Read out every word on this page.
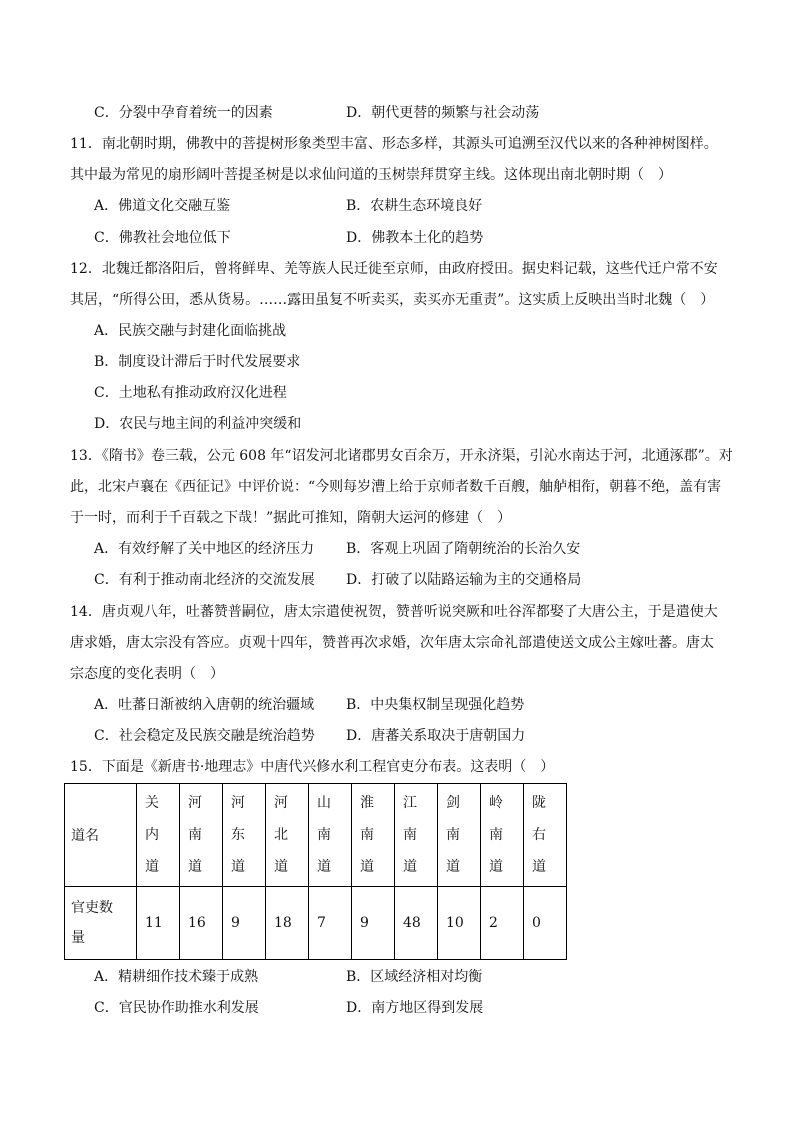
C．分裂中孕育着统一的因素	D．朝代更替的频繁与社会动荡
11．南北朝时期，佛教中的菩提树形象类型丰富、形态多样，其源头可追溯至汉代以来的各种神树图样。
其中最为常见的扇形阔叶菩提圣树是以求仙问道的玉树崇拜贯穿主线。这体现出南北朝时期（　）
A．佛道文化交融互鉴	B．农耕生态环境良好
C．佛教社会地位低下	D．佛教本土化的趋势
12．北魏迁都洛阳后，曾将鲜卑、羌等族人民迁徙至京师，由政府授田。据史料记载，这些代迁户常不安
其居，“所得公田，悉从货易。……露田虽复不听卖买，卖买亦无重责”。这实质上反映出当时北魏（　）
A．民族交融与封建化面临挑战
B．制度设计滞后于时代发展要求
C．土地私有推动政府汉化进程
D．农民与地主间的利益冲突缓和
13．《隋书》卷三载，公元 608 年“诏发河北诸郡男女百余万，开永济渠，引沁水南达于河，北通涿郡”。对
此，北宋卢襄在《西征记》中评价说：“今则每岁漕上给于京师者数千百艘，舳舻相衔，朝暮不绝，盖有害
于一时，而利于千百载之下哉！”据此可推知，隋朝大运河的修建（　）
A．有效纾解了关中地区的经济压力 B．客观上巩固了隋朝统治的长治久安
C．有利于推动南北经济的交流发展 D．打破了以陆路运输为主的交通格局
14．唐贞观八年，吐蕃赞普嗣位，唐太宗遣使祝贺，赞普听说突厥和吐谷浑都娶了大唐公主，于是遣使大
唐求婚，唐太宗没有答应。贞观十四年，赞普再次求婚，次年唐太宗命礼部遣使送文成公主嫁吐蕃。唐太
宗态度的变化表明（　）
A．吐蕃日渐被纳入唐朝的统治疆域 B．中央集权制呈现强化趋势
C．社会稳定及民族交融是统治趋势 D．唐蕃关系取决于唐朝国力
15．下面是《新唐书·地理志》中唐代兴修水利工程官吏分布表。这表明（　）
道名	关
内
道	河
南
道	河
东
道	河
北
道	山
南
道	淮
南
道	江
南
道	剑
南
道	岭
南
道	陇
右
道

官吏数
量	11	16	9	18	7	9	48	10	2	0
A．精耕细作技术臻于成熟	B．区域经济相对均衡
C．官民协作助推水利发展	D．南方地区得到发展
